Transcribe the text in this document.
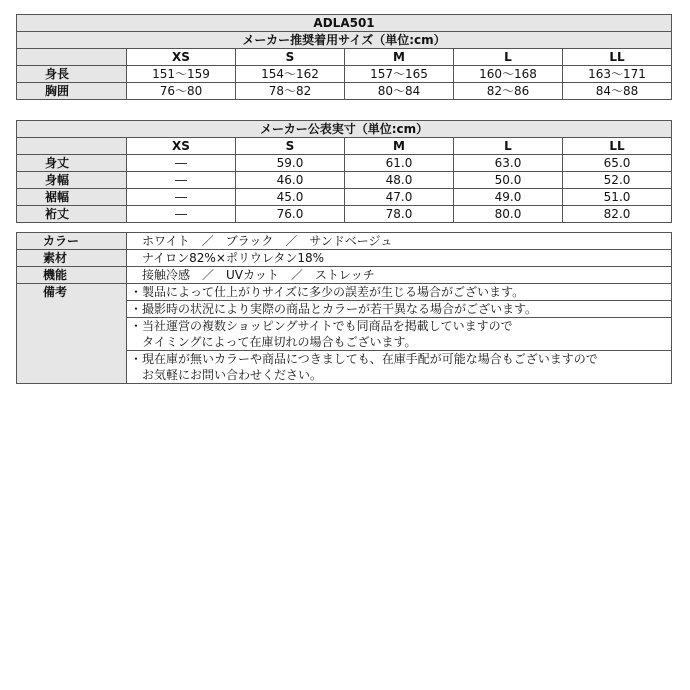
ADLA501					
メーカー推奨着用サイズ（単位:cm）					
	XS	S	M	L	LL
身長	151～159	154～162	157～165	160～168	163～171
胸囲	76～80	78～82	80～84	82～86	84～88
メーカー公表実寸（単位:cm）					
	XS	S	M	L	LL
身丈	―	59.0	61.0	63.0	65.0
身幅	―	46.0	48.0	50.0	52.0
裾幅	―	45.0	47.0	49.0	51.0
裄丈	―	76.0	78.0	80.0	82.0
カラー	ホワイト　／　ブラック　／　サンドベージュ
素材	ナイロン82%×ポリウレタン18%
機能	接触冷感　／　UVカット　／　ストレッチ
備考	・製品によって仕上がりサイズに多少の誤差が生じる場合がございます。

	・撮影時の状況により実際の商品とカラーが若干異なる場合がございます。

	・当社運営の複数ショッピングサイトでも同商品を掲載していますので
　タイミングによって在庫切れの場合もございます。

	・現在庫が無いカラーや商品につきましても、在庫手配が可能な場合もございますので
　お気軽にお問い合わせください。
